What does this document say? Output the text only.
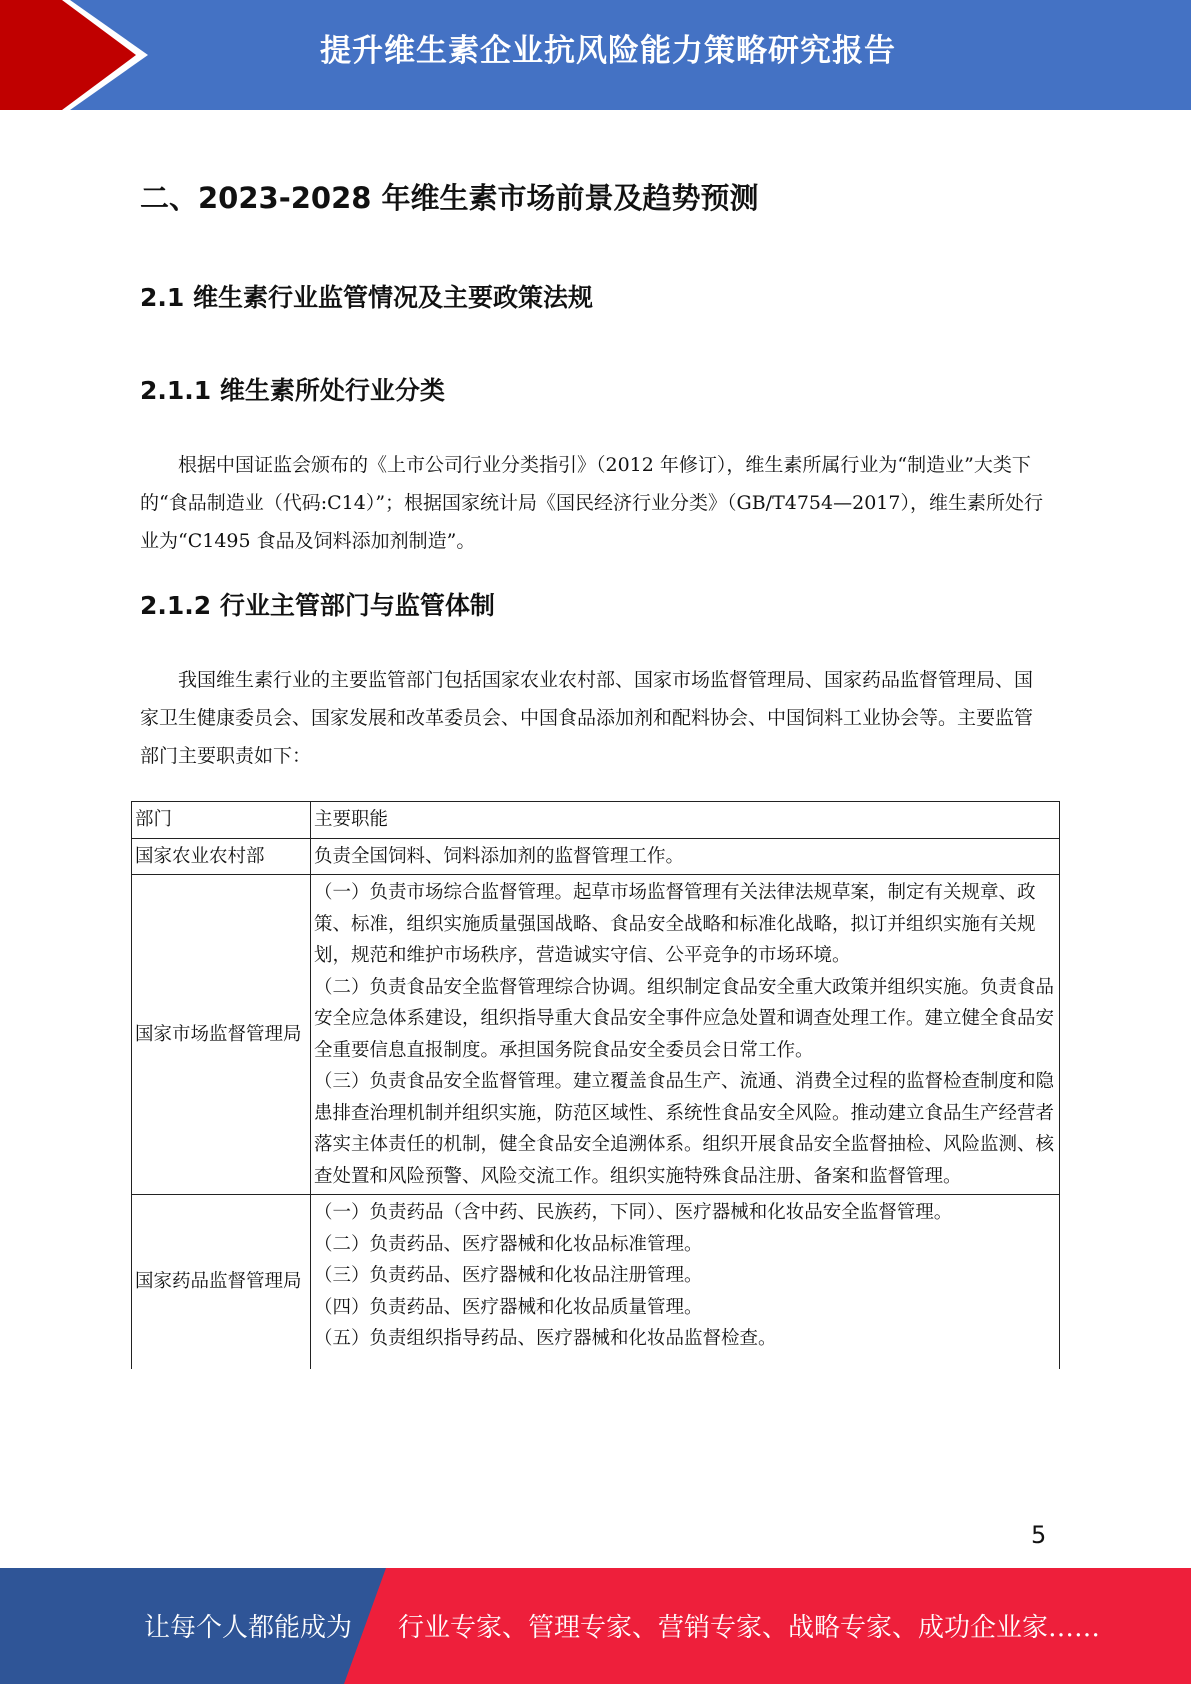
提升维生素企业抗风险能力策略研究报告
二、2023-2028 年维生素市场前景及趋势预测
2.1 维生素行业监管情况及主要政策法规
2.1.1 维生素所处行业分类

根据中国证监会颁布的《上市公司行业分类指引》（2012 年修订），维生素所属行业为“制造业”大类下的“食品制造业（代码:C14）”；根据国家统计局《国民经济行业分类》（GB/T4754—2017），维生素所处行业为“C1495 食品及饲料添加剂制造”。

2.1.2 行业主管部门与监管体制

我国维生素行业的主要监管部门包括国家农业农村部、国家市场监督管理局、国家药品监督管理局、国家卫生健康委员会、国家发展和改革委员会、中国食品添加剂和配料协会、中国饲料工业协会等。主要监管部门主要职责如下：

部门	主要职能
国家农业农村部	负责全国饲料、饲料添加剂的监督管理工作。

国家市场监督管理局	（一）负责市场综合监督管理。起草市场监督管理有关法律法规草案，制定有关规章、政策、标准，组织实施质量强国战略、食品安全战略和标准化战略，拟订并组织实施有关规划，规范和维护市场秩序，营造诚实守信、公平竞争的市场环境。
（二）负责食品安全监督管理综合协调。组织制定食品安全重大政策并组织实施。负责食品安全应急体系建设，组织指导重大食品安全事件应急处置和调查处理工作。建立健全食品安全重要信息直报制度。承担国务院食品安全委员会日常工作。
（三）负责食品安全监督管理。建立覆盖食品生产、流通、消费全过程的监督检查制度和隐患排查治理机制并组织实施，防范区域性、系统性食品安全风险。推动建立食品生产经营者落实主体责任的机制，健全食品安全追溯体系。组织开展食品安全监督抽检、风险监测、核查处置和风险预警、风险交流工作。组织实施特殊食品注册、备案和监督管理。

国家药品监督管理局	（一）负责药品（含中药、民族药，下同）、医疗器械和化妆品安全监督管理。
（二）负责药品、医疗器械和化妆品标准管理。
（三）负责药品、医疗器械和化妆品注册管理。
（四）负责药品、医疗器械和化妆品质量管理。
（五）负责组织指导药品、医疗器械和化妆品监督检查。
5
让每个人都能成为 行业专家、管理专家、营销专家、战略专家、成功企业家……
